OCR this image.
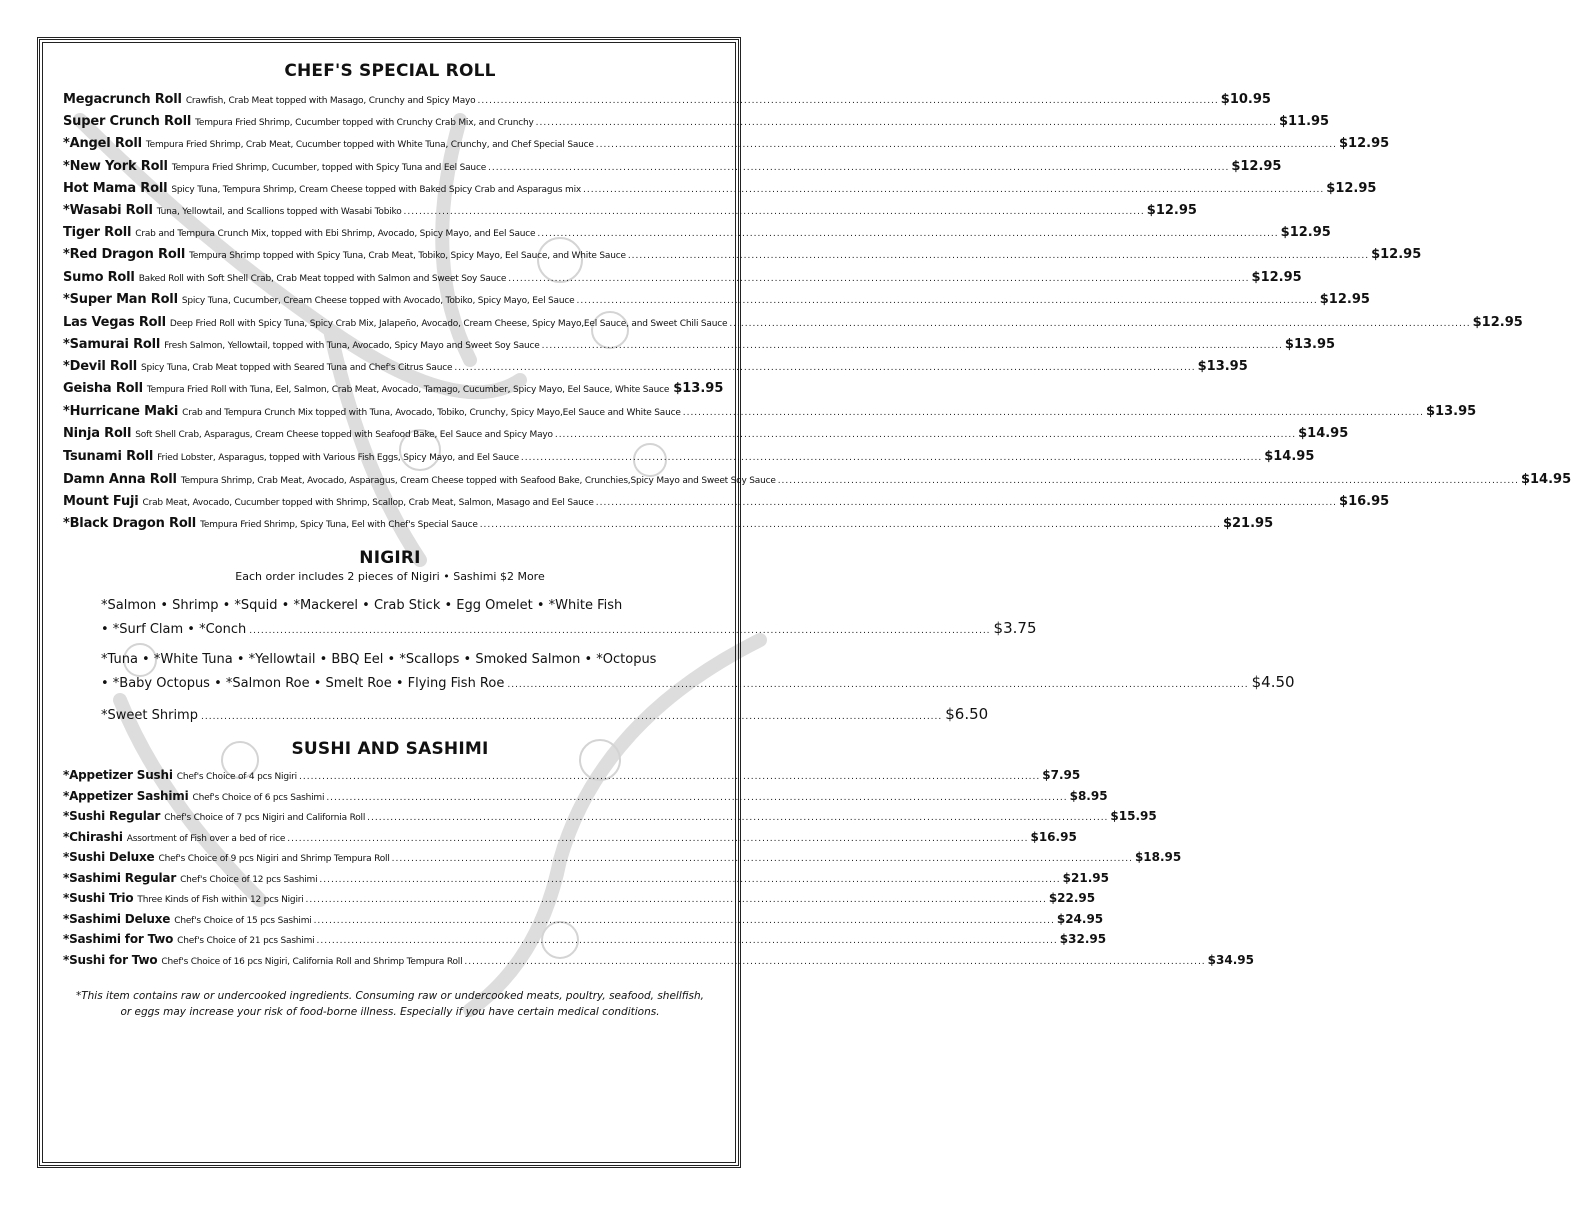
CHEF'S SPECIAL ROLL
Megacrunch Roll Crawfish, Crab Meat topped with Masago, Crunchy and Spicy Mayo .....	$10.95
Super Crunch Roll Tempura Fried Shrimp, Cucumber topped with Crunchy Crab Mix, and Crunchy .....	$11.95
*Angel Roll Tempura Fried Shrimp, Crab Meat, Cucumber topped with White Tuna, Crunchy, and Chef Special Sauce .....	$12.95
*New York Roll Tempura Fried Shrimp, Cucumber, topped with Spicy Tuna and Eel Sauce .....	$12.95
Hot Mama Roll Spicy Tuna, Tempura Shrimp, Cream Cheese topped with Baked Spicy Crab and Asparagus mix .....	$12.95
*Wasabi Roll Tuna, Yellowtail, and Scallions topped with Wasabi Tobiko .....	$12.95
Tiger Roll Crab and Tempura Crunch Mix, topped with Ebi Shrimp, Avocado, Spicy Mayo, and Eel Sauce .....	$12.95
*Red Dragon Roll Tempura Shrimp topped with Spicy Tuna, Crab Meat, Tobiko, Spicy Mayo, Eel Sauce, and White Sauce .....	$12.95
Sumo Roll Baked Roll with Soft Shell Crab, Crab Meat topped with Salmon and Sweet Soy Sauce .....	$12.95
*Super Man Roll Spicy Tuna, Cucumber, Cream Cheese topped with Avocado, Tobiko, Spicy Mayo, Eel Sauce .....	$12.95
Las Vegas Roll Deep Fried Roll with Spicy Tuna, Spicy Crab Mix, Jalapeño, Avocado, Cream Cheese, Spicy Mayo, Eel Sauce, and Sweet Chili Sauce .....	$12.95
*Samurai Roll Fresh Salmon, Yellowtail, topped with Tuna, Avocado, Spicy Mayo and Sweet Soy Sauce .....	$13.95
*Devil Roll Spicy Tuna, Crab Meat topped with Seared Tuna and Chef's Citrus Sauce .....	$13.95
Geisha Roll Tempura Fried Roll with Tuna, Eel, Salmon, Crab Meat, Avocado, Tamago, Cucumber, Spicy Mayo, Eel Sauce, White Sauce $13.95
*Hurricane Maki Crab and Tempura Crunch Mix topped with Tuna, Avocado, Tobiko, Crunchy, Spicy Mayo, Eel Sauce and White Sauce .....	$13.95
Ninja Roll Soft Shell Crab, Asparagus, Cream Cheese topped with Seafood Bake, Eel Sauce and Spicy Mayo .....	$14.95
Tsunami Roll Fried Lobster, Asparagus, topped with Various Fish Eggs, Spicy Mayo, and Eel Sauce .....	$14.95
Damn Anna Roll Tempura Shrimp, Crab Meat, Avocado, Asparagus, Cream Cheese topped with Seafood Bake, Crunchies, Spicy Mayo and Sweet Soy Sauce .....	$14.95
Mount Fuji Crab Meat, Avocado, Cucumber topped with Shrimp, Scallop, Crab Meat, Salmon, Masago and Eel Sauce .....	$16.95
*Black Dragon Roll Tempura Fried Shrimp, Spicy Tuna, Eel with Chef's Special Sauce .....	$21.95
NIGIRI
Each order includes 2 pieces of Nigiri • Sashimi $2 More
*Salmon • Shrimp • *Squid • *Mackerel • Crab Stick • Egg Omelet • *White Fish
• *Surf Clam • *Conch .....	$3.75
*Tuna • *White Tuna • *Yellowtail • BBQ Eel • *Scallops • Smoked Salmon • *Octopus
• *Baby Octopus • *Salmon Roe • Smelt Roe • Flying Fish Roe .....	$4.50
*Sweet Shrimp .....	$6.50
SUSHI AND SASHIMI
*Appetizer Sushi Chef's Choice of 4 pcs Nigiri .....	$7.95
*Appetizer Sashimi Chef's Choice of 6 pcs Sashimi .....	$8.95
*Sushi Regular Chef's Choice of 7 pcs Nigiri and California Roll .....	$15.95
*Chirashi Assortment of Fish over a bed of rice .....	$16.95
*Sushi Deluxe Chef's Choice of 9 pcs Nigiri and Shrimp Tempura Roll .....	$18.95
*Sashimi Regular Chef's Choice of 12 pcs Sashimi .....	$21.95
*Sushi Trio Three Kinds of Fish within 12 pcs Nigiri .....	$22.95
*Sashimi Deluxe Chef's Choice of 15 pcs Sashimi .....	$24.95
*Sashimi for Two Chef's Choice of 21 pcs Sashimi .....	$32.95
*Sushi for Two Chef's Choice of 16 pcs Nigiri, California Roll and Shrimp Tempura Roll .....	$34.95
*This item contains raw or undercooked ingredients. Consuming raw or undercooked meats, poultry, seafood, shellfish, or eggs may increase your risk of food-borne illness. Especially if you have certain medical conditions.
